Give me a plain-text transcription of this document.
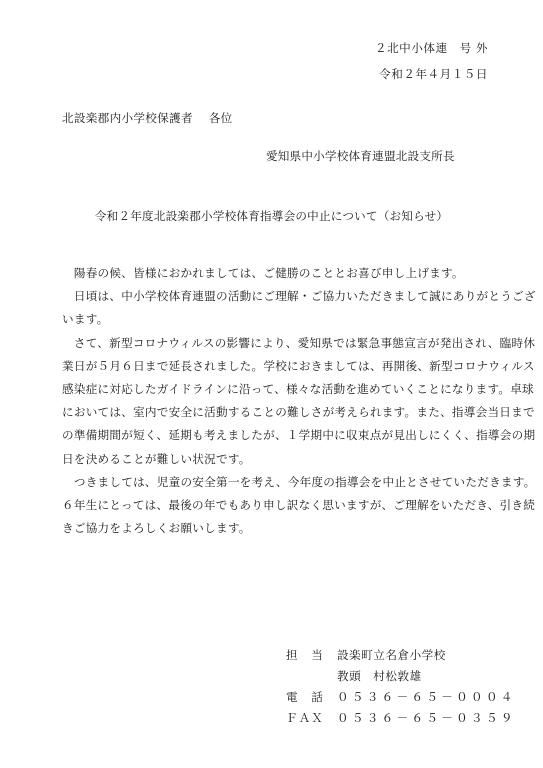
２北中小体連　号 外

令和２年４月１５日

北設楽郡内小学校保護者　 各位

愛知県中小学校体育連盟北設支所長

令和２年度北設楽郡小学校体育指導会の中止について（お知らせ）

　陽春の候、皆様におかれましては、ご健勝のこととお喜び申し上げます。
　日頃は、中小学校体育連盟の活動にご理解・ご協力いただきまして誠にありがとうござ
います。
　さて、新型コロナウィルスの影響により、愛知県では緊急事態宣言が発出され、臨時休
業日が５月６日まで延長されました。学校におきましては、再開後、新型コロナウィルス
感染症に対応したガイドラインに沿って、様々な活動を進めていくことになります。卓球
においては、室内で安全に活動することの難しさが考えられます。また、指導会当日まで
の準備期間が短く、延期も考えましたが、１学期中に収束点が見出しにくく、指導会の期
日を決めることが難しい状況です。
　つきましては、児童の安全第一を考え、今年度の指導会を中止とさせていただきます。
６年生にとっては、最後の年でもあり申し訳なく思いますが、ご理解をいただき、引き続
きご協力をよろしくお願いします。
担　当	設楽町立名倉小学校
教頭　村松敦雄
電　話	０５３６－６５－０００４
ＦＡＸ	０５３６－６５－０３５９
